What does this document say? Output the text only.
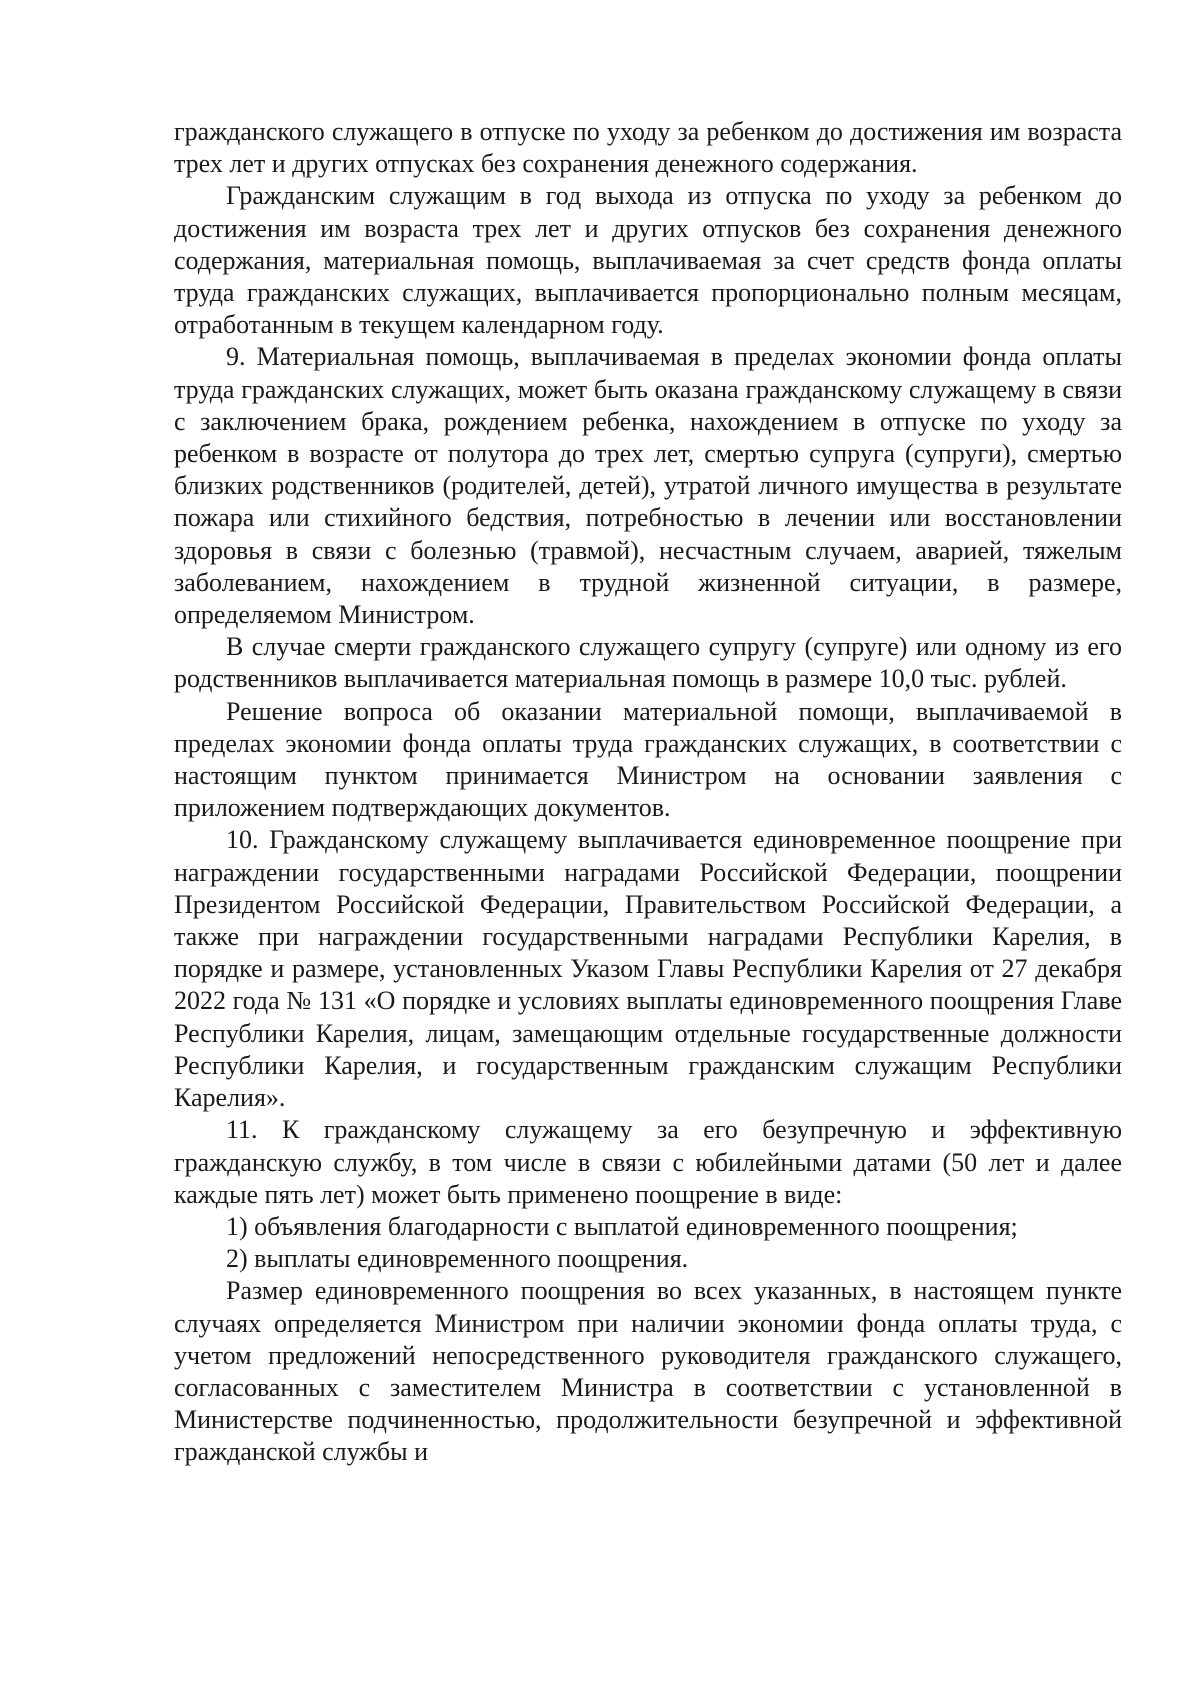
гражданского служащего в отпуске по уходу за ребенком до достижения им возраста трех лет и других отпусках без сохранения денежного содержания.

Гражданским служащим в год выхода из отпуска по уходу за ребенком до достижения им возраста трех лет и других отпусков без сохранения денежного содержания, материальная помощь, выплачиваемая за счет средств фонда оплаты труда гражданских служащих, выплачивается пропорционально полным месяцам, отработанным в текущем календарном году.

9. Материальная помощь, выплачиваемая в пределах экономии фонда оплаты труда гражданских служащих, может быть оказана гражданскому служащему в связи с заключением брака, рождением ребенка, нахождением в отпуске по уходу за ребенком в возрасте от полутора до трех лет, смертью супруга (супруги), смертью близких родственников (родителей, детей), утратой личного имущества в результате пожара или стихийного бедствия, потребностью в лечении или восстановлении здоровья в связи с болезнью (травмой), несчастным случаем, аварией, тяжелым заболеванием, нахождением в трудной жизненной ситуации, в размере, определяемом Министром.

В случае смерти гражданского служащего супругу (супруге) или одному из его родственников выплачивается материальная помощь в размере 10,0 тыс. рублей.

Решение вопроса об оказании материальной помощи, выплачиваемой в пределах экономии фонда оплаты труда гражданских служащих, в соответствии с настоящим пунктом принимается Министром на основании заявления с приложением подтверждающих документов.

10. Гражданскому служащему выплачивается единовременное поощрение при награждении государственными наградами Российской Федерации, поощрении Президентом Российской Федерации, Правительством Российской Федерации, а также при награждении государственными наградами Республики Карелия, в порядке и размере, установленных Указом Главы Республики Карелия от 27 декабря 2022 года № 131 «О порядке и условиях выплаты единовременного поощрения Главе Республики Карелия, лицам, замещающим отдельные государственные должности Республики Карелия, и государственным гражданским служащим Республики Карелия».

11. К гражданскому служащему за его безупречную и эффективную гражданскую службу, в том числе в связи с юбилейными датами (50 лет и далее каждые пять лет) может быть применено поощрение в виде:

1) объявления благодарности с выплатой единовременного поощрения;

2) выплаты единовременного поощрения.

Размер единовременного поощрения во всех указанных, в настоящем пункте случаях определяется Министром при наличии экономии фонда оплаты труда, с учетом предложений непосредственного руководителя гражданского служащего, согласованных с заместителем Министра в соответствии с установленной в Министерстве подчиненностью, продолжительности безупречной и эффективной гражданской службы и
